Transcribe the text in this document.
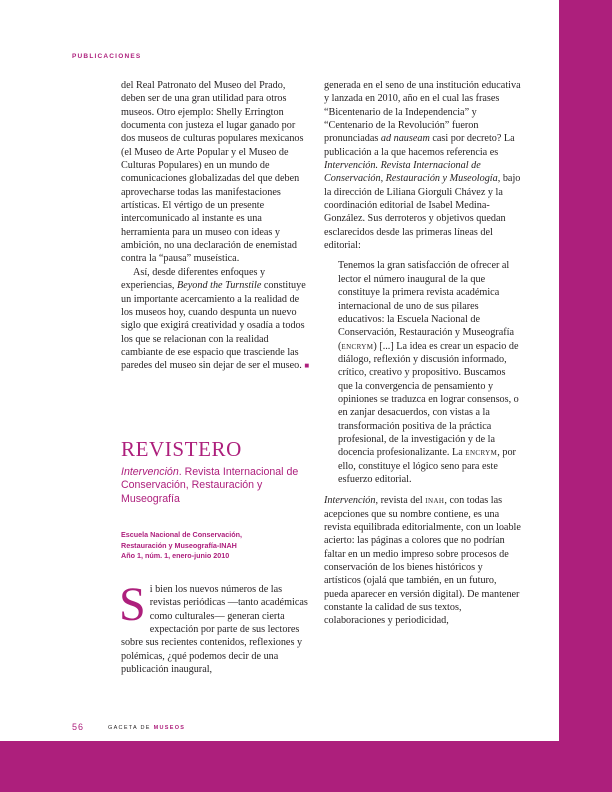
PUBLICACIONES

del Real Patronato del Museo del Prado, deben ser de una gran utilidad para otros museos. Otro ejemplo: Shelly Errington documenta con justeza el lugar ganado por dos museos de culturas populares mexicanos (el Museo de Arte Popular y el Museo de Culturas Populares) en un mundo de comunicaciones globalizadas del que deben aprovecharse todas las manifestaciones artísticas. El vértigo de un presente intercomunicado al instante es una herramienta para un museo con ideas y ambición, no una declaración de enemistad contra la “pausa” museística.

Así, desde diferentes enfoques y experiencias, Beyond the Turnstile constituye un importante acercamiento a la realidad de los museos hoy, cuando despunta un nuevo siglo que exigirá creatividad y osadía a todos los que se relacionan con la realidad cambiante de ese espacio que trasciende las paredes del museo sin dejar de ser el museo. ■

REVISTERO
Intervención. Revista Internacional de Conservación, Restauración y Museografía
Escuela Nacional de Conservación,
Restauración y Museografía-INAH
Año 1, núm. 1, enero-junio 2010
Si bien los nuevos números de las revistas periódicas —tanto académicas como culturales— generan cierta expectación por parte de sus lectores sobre sus recientes contenidos, reflexiones y polémicas, ¿qué podemos decir de una publicación inaugural,

generada en el seno de una institución educativa y lanzada en 2010, año en el cual las frases “Bicentenario de la Independencia” y “Centenario de la Revolución” fueron pronunciadas ad nauseam casi por decreto? La publicación a la que hacemos referencia es Intervención. Revista Internacional de Conservación, Restauración y Museología, bajo la dirección de Liliana Giorguli Chávez y la coordinación editorial de Isabel Medina-González. Sus derroteros y objetivos quedan esclarecidos desde las primeras líneas del editorial:

Tenemos la gran satisfacción de ofrecer al lector el número inaugural de la que constituye la primera revista académica internacional de uno de sus pilares educativos: la Escuela Nacional de Conservación, Restauración y Museografía (encrym) [...] La idea es crear un espacio de diálogo, reflexión y discusión informado, crítico, creativo y propositivo. Buscamos que la convergencia de pensamiento y opiniones se traduzca en lograr consensos, o en zanjar desacuerdos, con vistas a la transformación positiva de la práctica profesional, de la investigación y de la docencia profesionalizante. La encrym, por ello, constituye el lógico seno para este esfuerzo editorial.

Intervención, revista del inah, con todas las acepciones que su nombre contiene, es una revista equilibrada editorialmente, con un loable acierto: las páginas a colores que no podrían faltar en un medio impreso sobre procesos de conservación de los bienes históricos y artísticos (ojalá que también, en un futuro, pueda aparecer en versión digital). De mantener constante la calidad de sus textos, colaboraciones y periodicidad,

56	GACETA DE MUSEOS
